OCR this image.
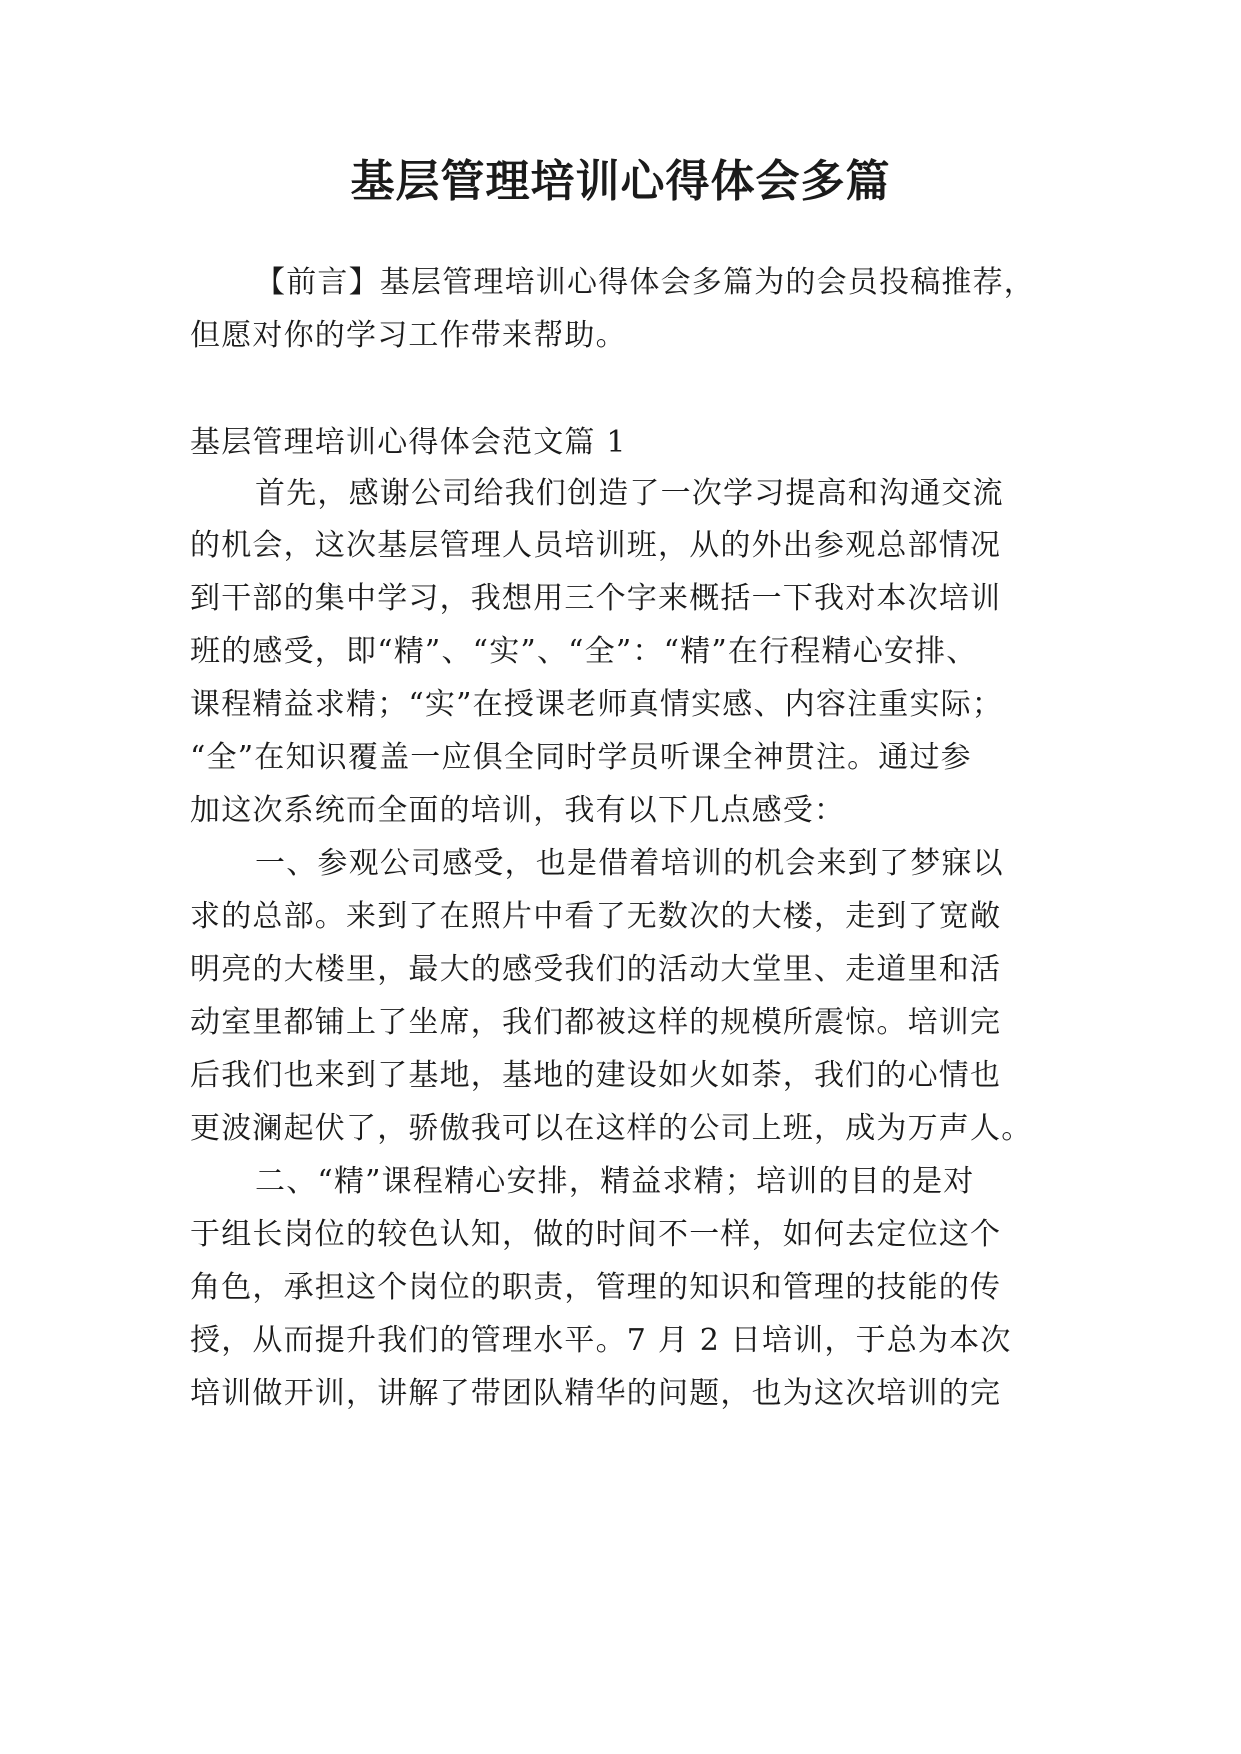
基层管理培训心得体会多篇
【前言】基层管理培训心得体会多篇为的会员投稿推荐，
但愿对你的学习工作带来帮助。
基层管理培训心得体会范文篇 1
首先，感谢公司给我们创造了一次学习提高和沟通交流
的机会，这次基层管理人员培训班，从的外出参观总部情况
到干部的集中学习，我想用三个字来概括一下我对本次培训
班的感受，即“精”、“实”、“全”：“精”在行程精心安排、
课程精益求精；“实”在授课老师真情实感、内容注重实际；
“全”在知识覆盖一应俱全同时学员听课全神贯注。通过参
加这次系统而全面的培训，我有以下几点感受：
一、参观公司感受，也是借着培训的机会来到了梦寐以
求的总部。来到了在照片中看了无数次的大楼，走到了宽敞
明亮的大楼里，最大的感受我们的活动大堂里、走道里和活
动室里都铺上了坐席，我们都被这样的规模所震惊。培训完
后我们也来到了基地，基地的建设如火如荼，我们的心情也
更波澜起伏了，骄傲我可以在这样的公司上班，成为万声人。
二、“精”课程精心安排，精益求精；培训的目的是对
于组长岗位的较色认知，做的时间不一样，如何去定位这个
角色，承担这个岗位的职责，管理的知识和管理的技能的传
授，从而提升我们的管理水平。7 月 2 日培训，于总为本次
培训做开训，讲解了带团队精华的问题，也为这次培训的完
